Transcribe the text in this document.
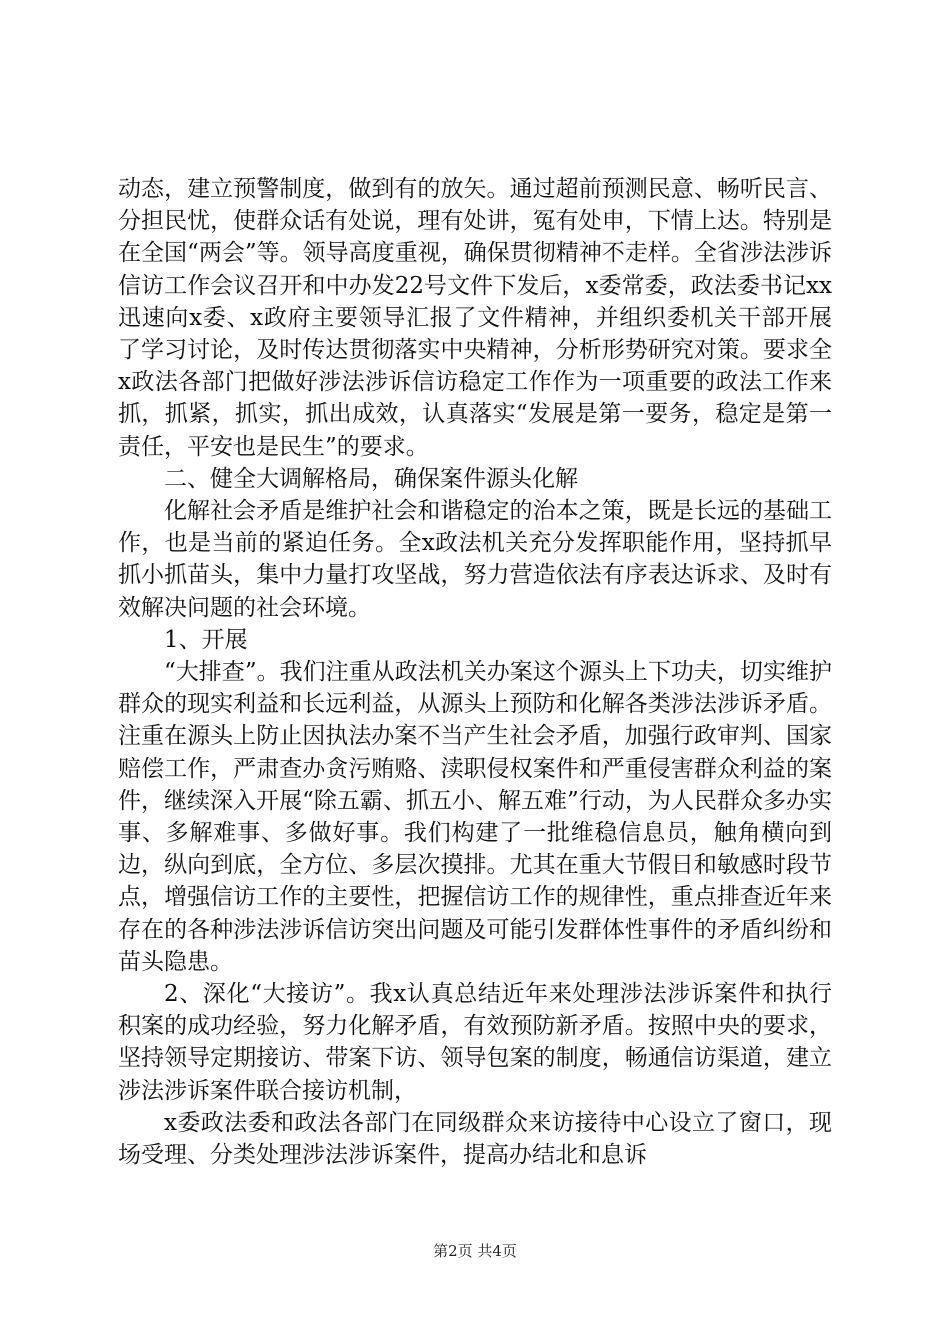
动态，建立预警制度，做到有的放矢。通过超前预测民意、畅听民言、分担民忧，使群众话有处说，理有处讲，冤有处申，下情上达。特别是在全国“两会”等。领导高度重视，确保贯彻精神不走样。全省涉法涉诉信访工作会议召开和中办发22号文件下发后，x委常委，政法委书记xx迅速向x委、x政府主要领导汇报了文件精神，并组织委机关干部开展了学习讨论，及时传达贯彻落实中央精神，分析形势研究对策。要求全x政法各部门把做好涉法涉诉信访稳定工作作为一项重要的政法工作来抓，抓紧，抓实，抓出成效，认真落实“发展是第一要务，稳定是第一责任，平安也是民生”的要求。

二、健全大调解格局，确保案件源头化解

化解社会矛盾是维护社会和谐稳定的治本之策，既是长远的基础工作，也是当前的紧迫任务。全x政法机关充分发挥职能作用，坚持抓早抓小抓苗头，集中力量打攻坚战，努力营造依法有序表达诉求、及时有效解决问题的社会环境。

1、开展

“大排查”。我们注重从政法机关办案这个源头上下功夫，切实维护群众的现实利益和长远利益，从源头上预防和化解各类涉法涉诉矛盾。注重在源头上防止因执法办案不当产生社会矛盾，加强行政审判、国家赔偿工作，严肃查办贪污贿赂、渎职侵权案件和严重侵害群众利益的案件，继续深入开展“除五霸、抓五小、解五难”行动，为人民群众多办实事、多解难事、多做好事。我们构建了一批维稳信息员，触角横向到边，纵向到底，全方位、多层次摸排。尤其在重大节假日和敏感时段节点，增强信访工作的主要性，把握信访工作的规律性，重点排查近年来存在的各种涉法涉诉信访突出问题及可能引发群体性事件的矛盾纠纷和苗头隐患。

2、深化“大接访”。我x认真总结近年来处理涉法涉诉案件和执行积案的成功经验，努力化解矛盾，有效预防新矛盾。按照中央的要求，坚持领导定期接访、带案下访、领导包案的制度，畅通信访渠道，建立涉法涉诉案件联合接访机制，

x委政法委和政法各部门在同级群众来访接待中心设立了窗口，现场受理、分类处理涉法涉诉案件，提高办结北和息诉

第2页 共4页
